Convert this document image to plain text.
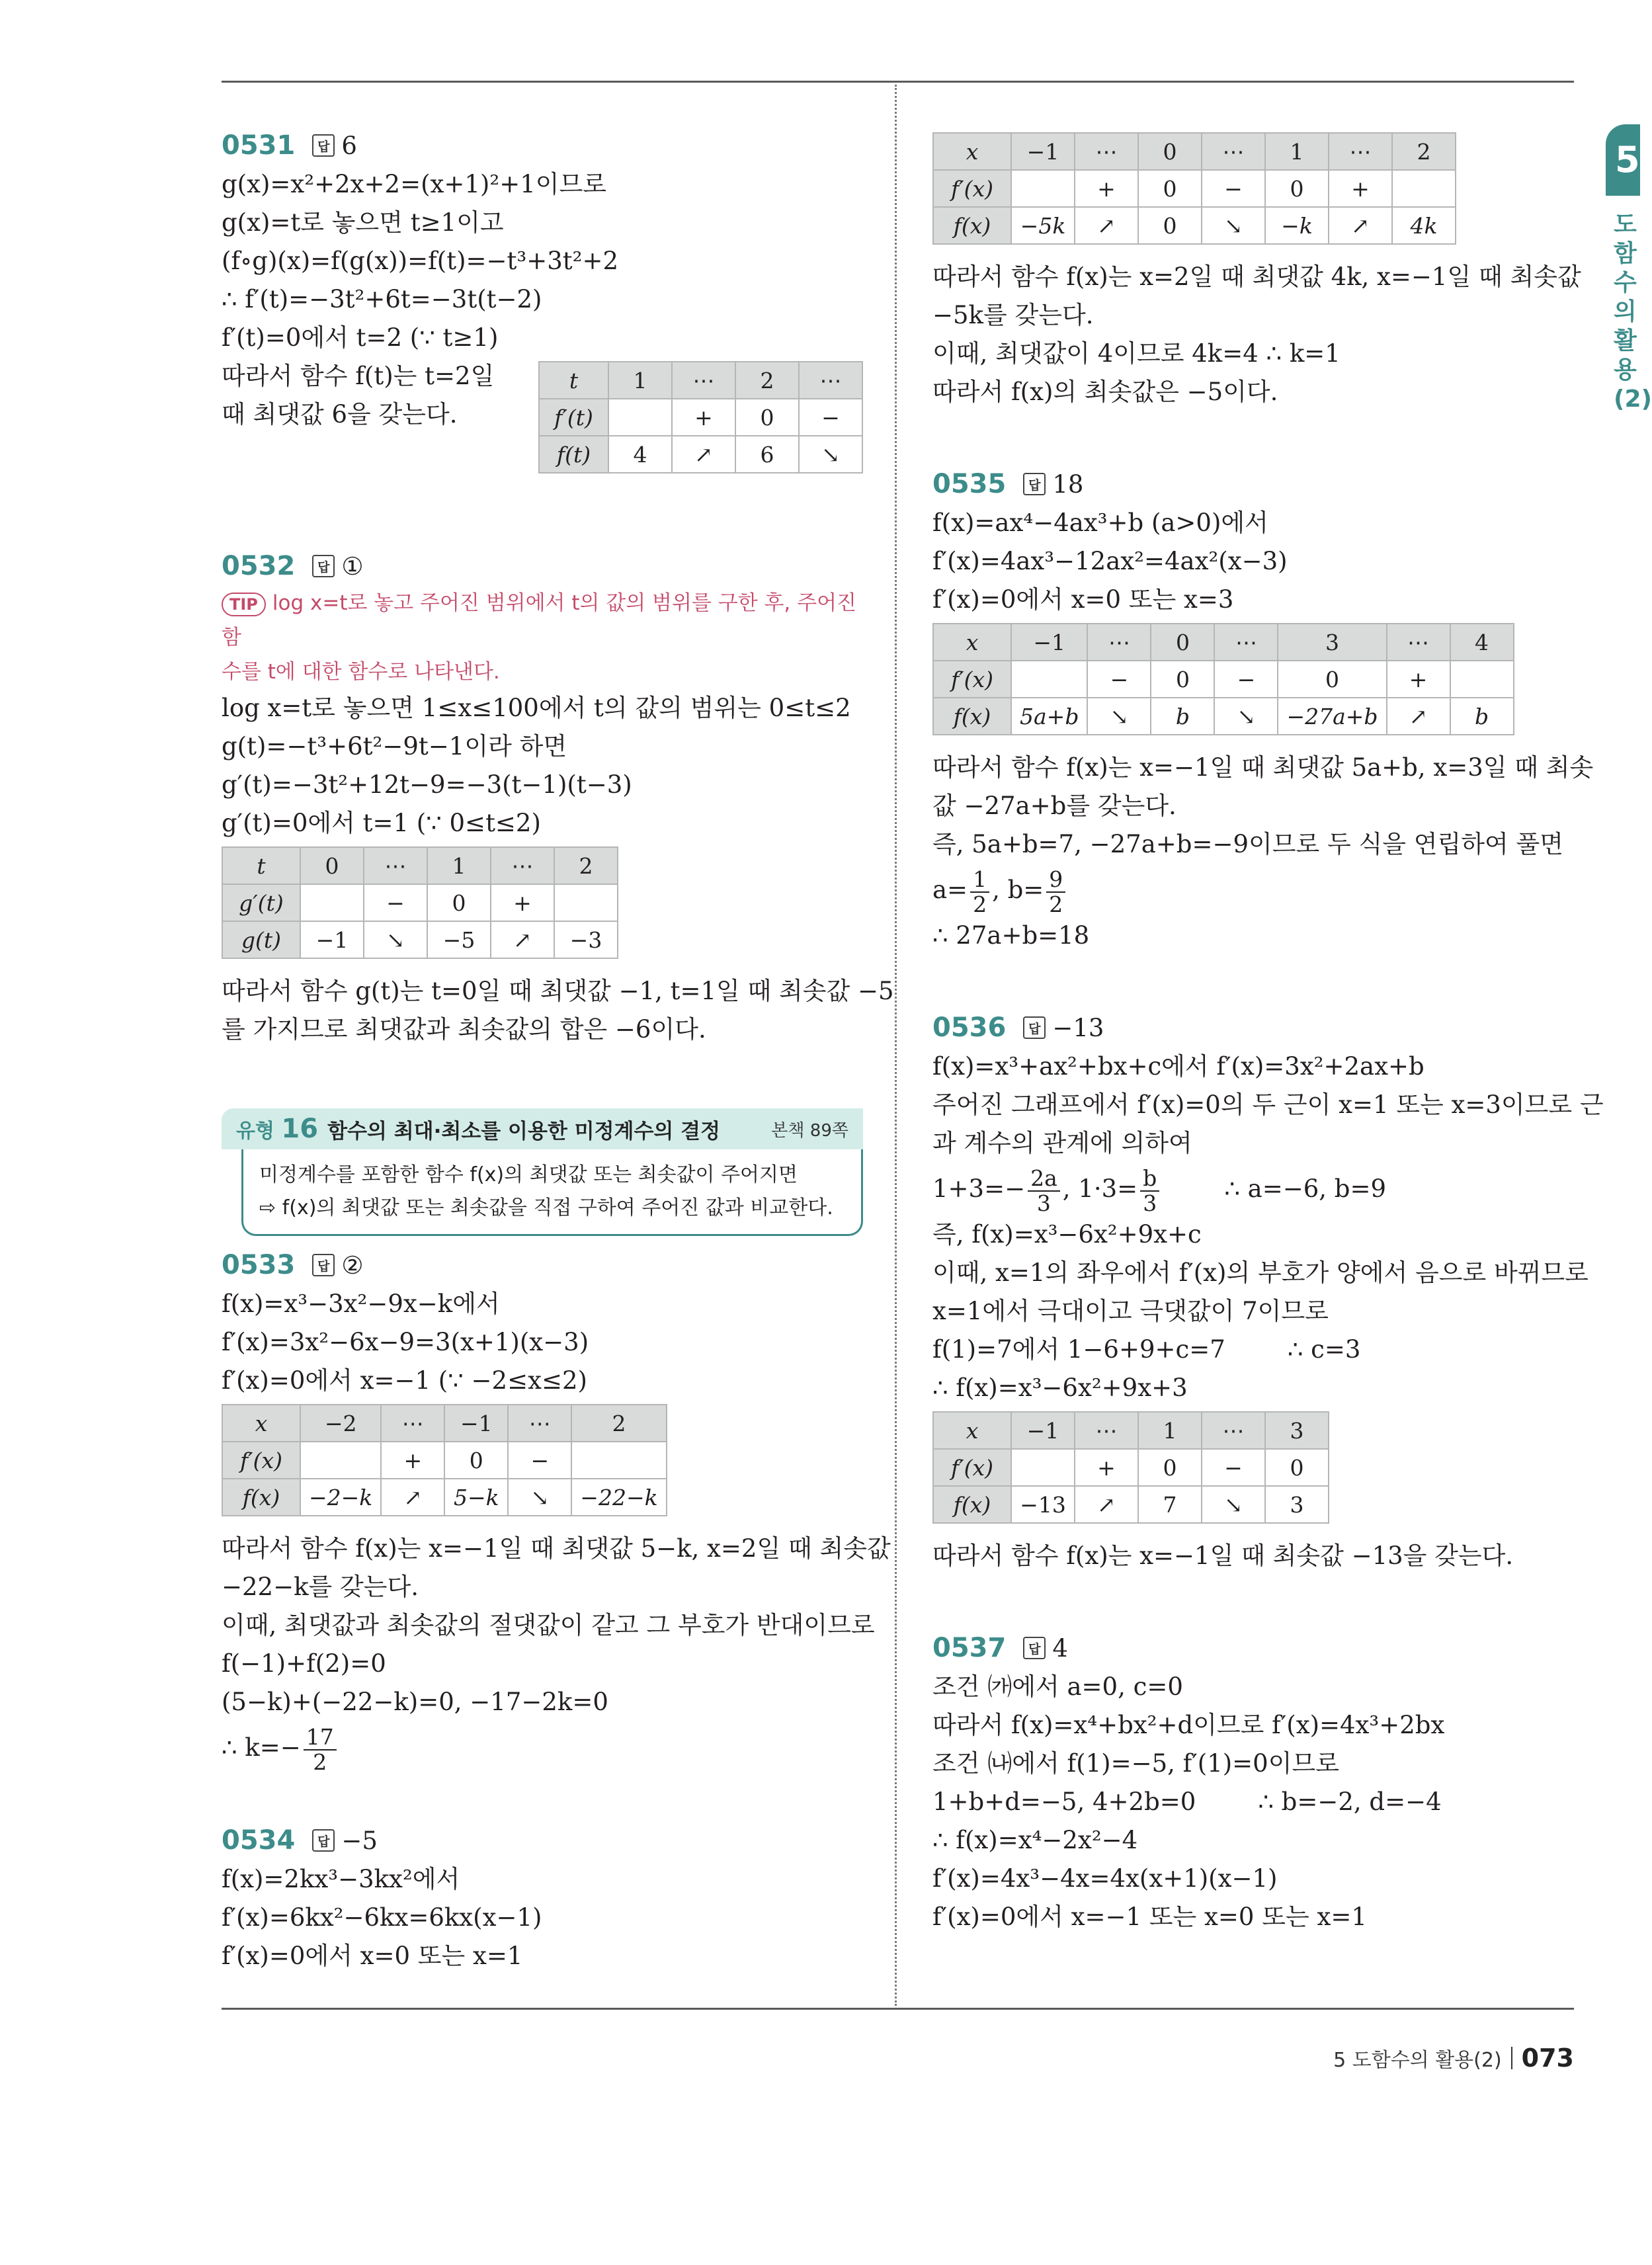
5
도함수의 활용(2)
0531	답 6
g(x)=x²+2x+2=(x+1)²+1이므로
g(x)=t로 놓으면 t≥1이고
(f∘g)(x)=f(g(x))=f(t)=−t³+3t²+2
∴ f′(t)=−3t²+6t=−3t(t−2)
f′(t)=0에서 t=2 (∵ t≥1)
따라서 함수 f(t)는 t=2일
때 최댓값 6을 갖는다.
t	1	⋯	2	⋯
f′(t)		+	0	−
f(t)	4	↗	6	↘
0532	답 ①
TIP log x=t로 놓고 주어진 범위에서 t의 값의 범위를 구한 후, 주어진 함
수를 t에 대한 함수로 나타낸다.
log x=t로 놓으면 1≤x≤100에서 t의 값의 범위는 0≤t≤2
g(t)=−t³+6t²−9t−1이라 하면
g′(t)=−3t²+12t−9=−3(t−1)(t−3)
g′(t)=0에서 t=1 (∵ 0≤t≤2)
t	0	⋯	1	⋯	2
g′(t)		−	0	+	
g(t)	−1	↘	−5	↗	−3
따라서 함수 g(t)는 t=0일 때 최댓값 −1, t=1일 때 최솟값 −5
를 가지므로 최댓값과 최솟값의 합은 −6이다.
유형 16 함수의 최대·최소를 이용한 미정계수의 결정	본책 89쪽
미정계수를 포함한 함수 f(x)의 최댓값 또는 최솟값이 주어지면
⇨ f(x)의 최댓값 또는 최솟값을 직접 구하여 주어진 값과 비교한다.
0533	답 ②
f(x)=x³−3x²−9x−k에서
f′(x)=3x²−6x−9=3(x+1)(x−3)
f′(x)=0에서 x=−1 (∵ −2≤x≤2)
x	−2	⋯	−1	⋯	2
f′(x)		+	0	−	
f(x)	−2−k	↗	5−k	↘	−22−k
따라서 함수 f(x)는 x=−1일 때 최댓값 5−k, x=2일 때 최솟값
−22−k를 갖는다.
이때, 최댓값과 최솟값의 절댓값이 같고 그 부호가 반대이므로
f(−1)+f(2)=0
(5−k)+(−22−k)=0, −17−2k=0
∴ $k=- \frac{17}{2}$
0534	답 −5
f(x)=2kx³−3kx²에서
f′(x)=6kx²−6kx=6kx(x−1)
f′(x)=0에서 x=0 또는 x=1
x	−1	⋯	0	⋯	1	⋯	2
f′(x)		+	0	−	0	+	
f(x)	−5k	↗	0	↘	−k	↗	4k
따라서 함수 f(x)는 x=2일 때 최댓값 4k, x=−1일 때 최솟값
−5k를 갖는다.
이때, 최댓값이 4이므로 4k=4 ∴ k=1
따라서 f(x)의 최솟값은 −5이다.
0535	답 18
f(x)=ax⁴−4ax³+b (a>0)에서
f′(x)=4ax³−12ax²=4ax²(x−3)
f′(x)=0에서 x=0 또는 x=3
x	−1	⋯	0	⋯	3	⋯	4
f′(x)		−	0	−	0	+	
f(x)	5a+b	↘	b	↘	−27a+b	↗	b
따라서 함수 f(x)는 x=−1일 때 최댓값 5a+b, x=3일 때 최솟
값 −27a+b를 갖는다.
즉, 5a+b=7, −27a+b=−9이므로 두 식을 연립하여 풀면
$a= \frac{1}{2}$ , $b= \frac{9}{2}$
∴ 27a+b=18
0536	답 −13
f(x)=x³+ax²+bx+c에서 f′(x)=3x²+2ax+b
주어진 그래프에서 f′(x)=0의 두 근이 x=1 또는 x=3이므로 근
과 계수의 관계에 의하여
$1+3=- \frac{2a}{3}$ , $1\cdot 3= \frac{b}{3}$ ∴ a=−6, b=9
즉, f(x)=x³−6x²+9x+c
이때, x=1의 좌우에서 f′(x)의 부호가 양에서 음으로 바뀌므로
x=1에서 극대이고 극댓값이 7이므로
f(1)=7에서 1−6+9+c=7        ∴ c=3
∴ f(x)=x³−6x²+9x+3
x	−1	⋯	1	⋯	3
f′(x)		+	0	−	0
f(x)	−13	↗	7	↘	3
따라서 함수 f(x)는 x=−1일 때 최솟값 −13을 갖는다.
0537	답 4
조건 ㈎에서 a=0, c=0
따라서 f(x)=x⁴+bx²+d이므로 f′(x)=4x³+2bx
조건 ㈏에서 f(1)=−5, f′(1)=0이므로
1+b+d=−5, 4+2b=0        ∴ b=−2, d=−4
∴ f(x)=x⁴−2x²−4
f′(x)=4x³−4x=4x(x+1)(x−1)
f′(x)=0에서 x=−1 또는 x=0 또는 x=1
5 도함수의 활용(2) 073
